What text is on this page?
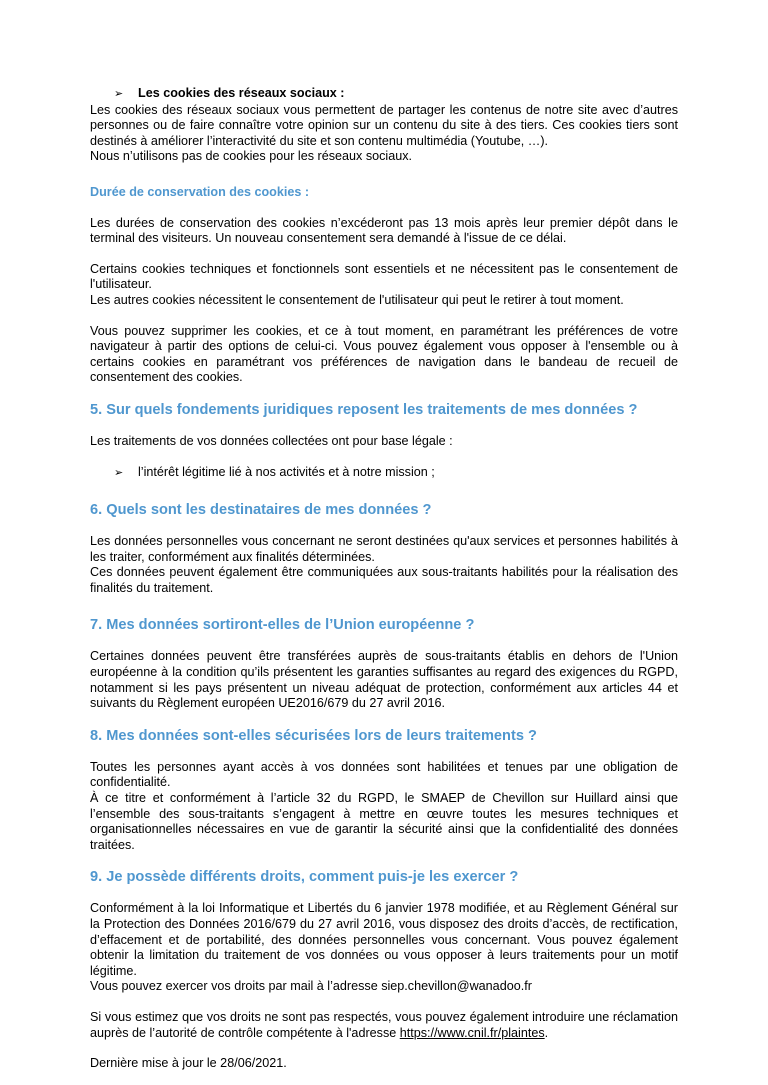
➢	Les cookies des réseaux sociaux :

Les cookies des réseaux sociaux vous permettent de partager les contenus de notre site avec d’autres personnes ou de faire connaître votre opinion sur un contenu du site à des tiers. Ces cookies tiers sont destinés à améliorer l’interactivité du site et son contenu multimédia (Youtube, …).

Nous n’utilisons pas de cookies pour les réseaux sociaux.

Durée de conservation des cookies :

Les durées de conservation des cookies n’excéderont pas 13 mois après leur premier dépôt dans le terminal des visiteurs. Un nouveau consentement sera demandé à l'issue de ce délai.

Certains cookies techniques et fonctionnels sont essentiels et ne nécessitent pas le consentement de l'utilisateur.

Les autres cookies nécessitent le consentement de l'utilisateur qui peut le retirer à tout moment.

Vous pouvez supprimer les cookies, et ce à tout moment, en paramétrant les préférences de votre navigateur à partir des options de celui-ci. Vous pouvez également vous opposer à l'ensemble ou à certains cookies en paramétrant vos préférences de navigation dans le bandeau de recueil de consentement des cookies.

5. Sur quels fondements juridiques reposent les traitements de mes données ?

Les traitements de vos données collectées ont pour base légale :

➢	l’intérêt légitime lié à nos activités et à notre mission ;

6. Quels sont les destinataires de mes données ?

Les données personnelles vous concernant ne seront destinées qu'aux services et personnes habilités à les traiter, conformément aux finalités déterminées.

Ces données peuvent également être communiquées aux sous-traitants habilités pour la réalisation des finalités du traitement.

7. Mes données sortiront-elles de l’Union européenne ?

Certaines données peuvent être transférées auprès de sous-traitants établis en dehors de l'Union européenne à la condition qu’ils présentent les garanties suffisantes au regard des exigences du RGPD, notamment si les pays présentent un niveau adéquat de protection, conformément aux articles 44 et suivants du Règlement européen UE2016/679 du 27 avril 2016.

8. Mes données sont-elles sécurisées lors de leurs traitements ?

Toutes les personnes ayant accès à vos données sont habilitées et tenues par une obligation de confidentialité.

À ce titre et conformément à l’article 32 du RGPD, le SMAEP de Chevillon sur Huillard ainsi que l’ensemble des sous-traitants s’engagent à mettre en œuvre toutes les mesures techniques et organisationnelles nécessaires en vue de garantir la sécurité ainsi que la confidentialité des données traitées.

9. Je possède différents droits, comment puis-je les exercer ?

Conformément à la loi Informatique et Libertés du 6 janvier 1978 modifiée, et au Règlement Général sur la Protection des Données 2016/679 du 27 avril 2016, vous disposez des droits d’accès, de rectification, d’effacement et de portabilité, des données personnelles vous concernant. Vous pouvez également obtenir la limitation du traitement de vos données ou vous opposer à leurs traitements pour un motif légitime.

Vous pouvez exercer vos droits par mail à l’adresse siep.chevillon@wanadoo.fr

Si vous estimez que vos droits ne sont pas respectés, vous pouvez également introduire une réclamation auprès de l’autorité de contrôle compétente à l'adresse https://www.cnil.fr/plaintes.

Dernière mise à jour le 28/06/2021.
